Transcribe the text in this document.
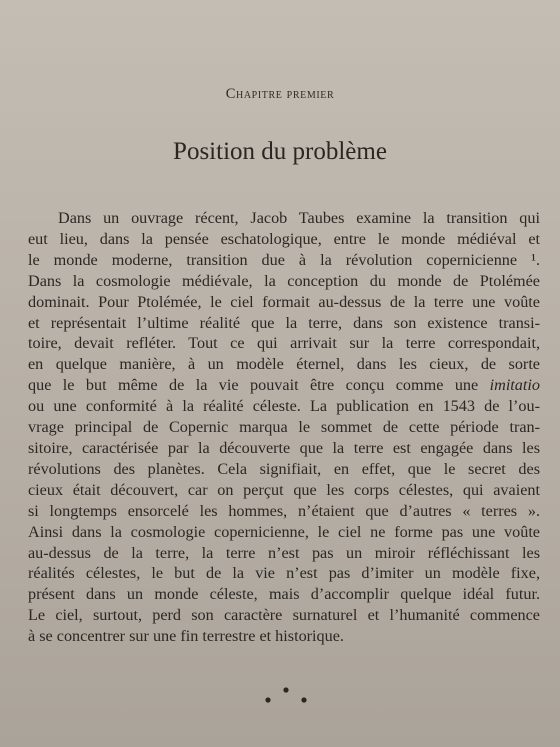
Chapitre premier
Position du problème
Dans un ouvrage récent, Jacob Taubes examine la transition qui
eut lieu, dans la pensée eschatologique, entre le monde médiéval et
le monde moderne, transition due à la révolution copernicienne ¹.
Dans la cosmologie médiévale, la conception du monde de Ptolémée
dominait. Pour Ptolémée, le ciel formait au-dessus de la terre une voûte
et représentait l’ultime réalité que la terre, dans son existence transi-
toire, devait refléter. Tout ce qui arrivait sur la terre correspondait,
en quelque manière, à un modèle éternel, dans les cieux, de sorte
que le but même de la vie pouvait être conçu comme une imitatio
ou une conformité à la réalité céleste. La publication en 1543 de l’ou-
vrage principal de Copernic marqua le sommet de cette période tran-
sitoire, caractérisée par la découverte que la terre est engagée dans les
révolutions des planètes. Cela signifiait, en effet, que le secret des
cieux était découvert, car on perçut que les corps célestes, qui avaient
si longtemps ensorcelé les hommes, n’étaient que d’autres « terres ».
Ainsi dans la cosmologie copernicienne, le ciel ne forme pas une voûte
au-dessus de la terre, la terre n’est pas un miroir réfléchissant les
réalités célestes, le but de la vie n’est pas d’imiter un modèle fixe,
présent dans un monde céleste, mais d’accomplir quelque idéal futur.
Le ciel, surtout, perd son caractère surnaturel et l’humanité commence
à se concentrer sur une fin terrestre et historique.
